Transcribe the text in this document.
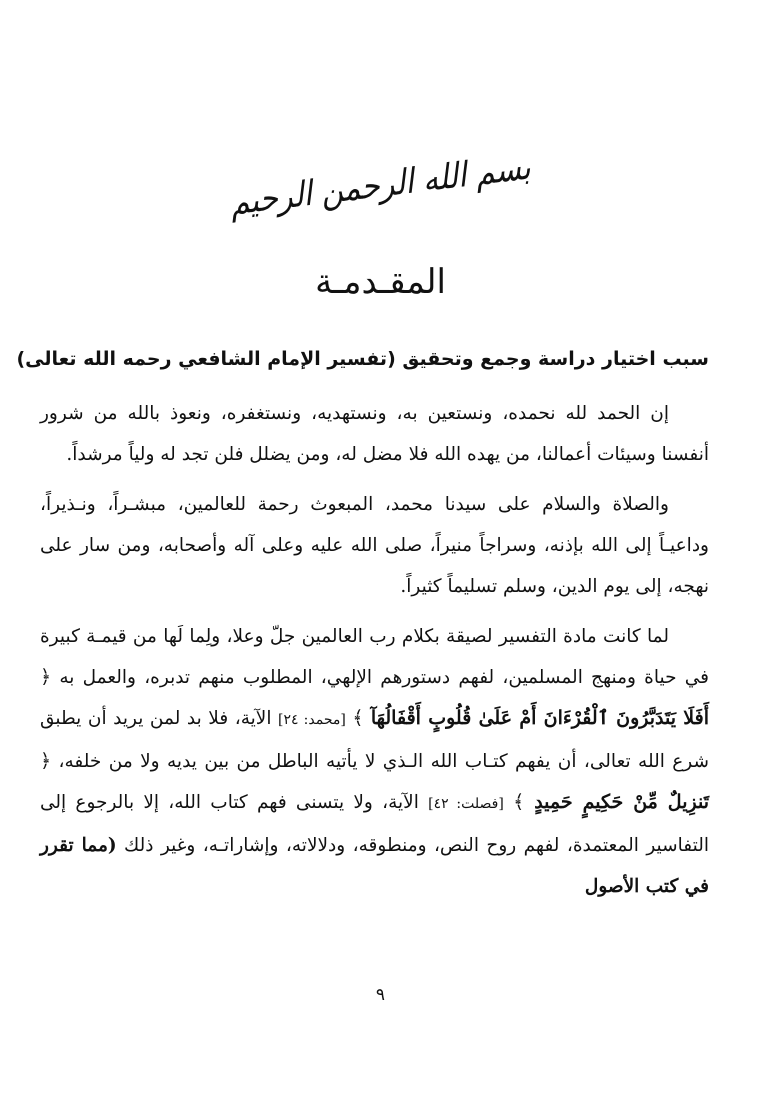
بسم الله الرحمن الرحيم
المقـدمـة
سبب اختيار دراسة وجمع وتحقيق (تفسير الإمام الشافعي رحمه الله تعالى)

إن الحمد لله نحمده، ونستعين به، ونستهديه، ونستغفره، ونعوذ بالله من شرور أنفسنا وسيئات أعمالنا، من يهده الله فلا مضل له، ومن يضلل فلن تجد له ولياً مرشداً.

والصلاة والسلام على سيدنا محمد، المبعوث رحمة للعالمين، مبشـراً، ونـذيراً، وداعيـاً إلى الله بإذنه، وسراجاً منيراً، صلى الله عليه وعلى آله وأصحابه، ومن سار على نهجه، إلى يوم الدين، وسلم تسليماً كثيراً.

لما كانت مادة التفسير لصيقة بكلام رب العالمين جلّ وعلا، ولِما لَها من قيمـة كبيرة في حياة ومنهج المسلمين، لفهم دستورهم الإلهي، المطلوب منهم تدبره، والعمل به ﴿ أَفَلَا يَتَدَبَّرُونَ ٱلْقُرْءَانَ أَمْ عَلَىٰ قُلُوبٍ أَقْفَالُهَآ ﴾ [محمد: ٢٤] الآية، فلا بد لمن يريد أن يطبق شرع الله تعالى، أن يفهم كتـاب الله الـذي لا يأتيه الباطل من بين يديه ولا من خلفه، ﴿ تَنزِيلٌ مِّنْ حَكِيمٍ حَمِيدٍ ﴾ [فصلت: ٤٢] الآية، ولا يتسنى فهم كتاب الله، إلا بالرجوع إلى التفاسير المعتمدة، لفهم روح النص، ومنطوقه، ودلالاته، وإشاراتـه، وغير ذلك (مما تقرر في كتب الأصول

٩
